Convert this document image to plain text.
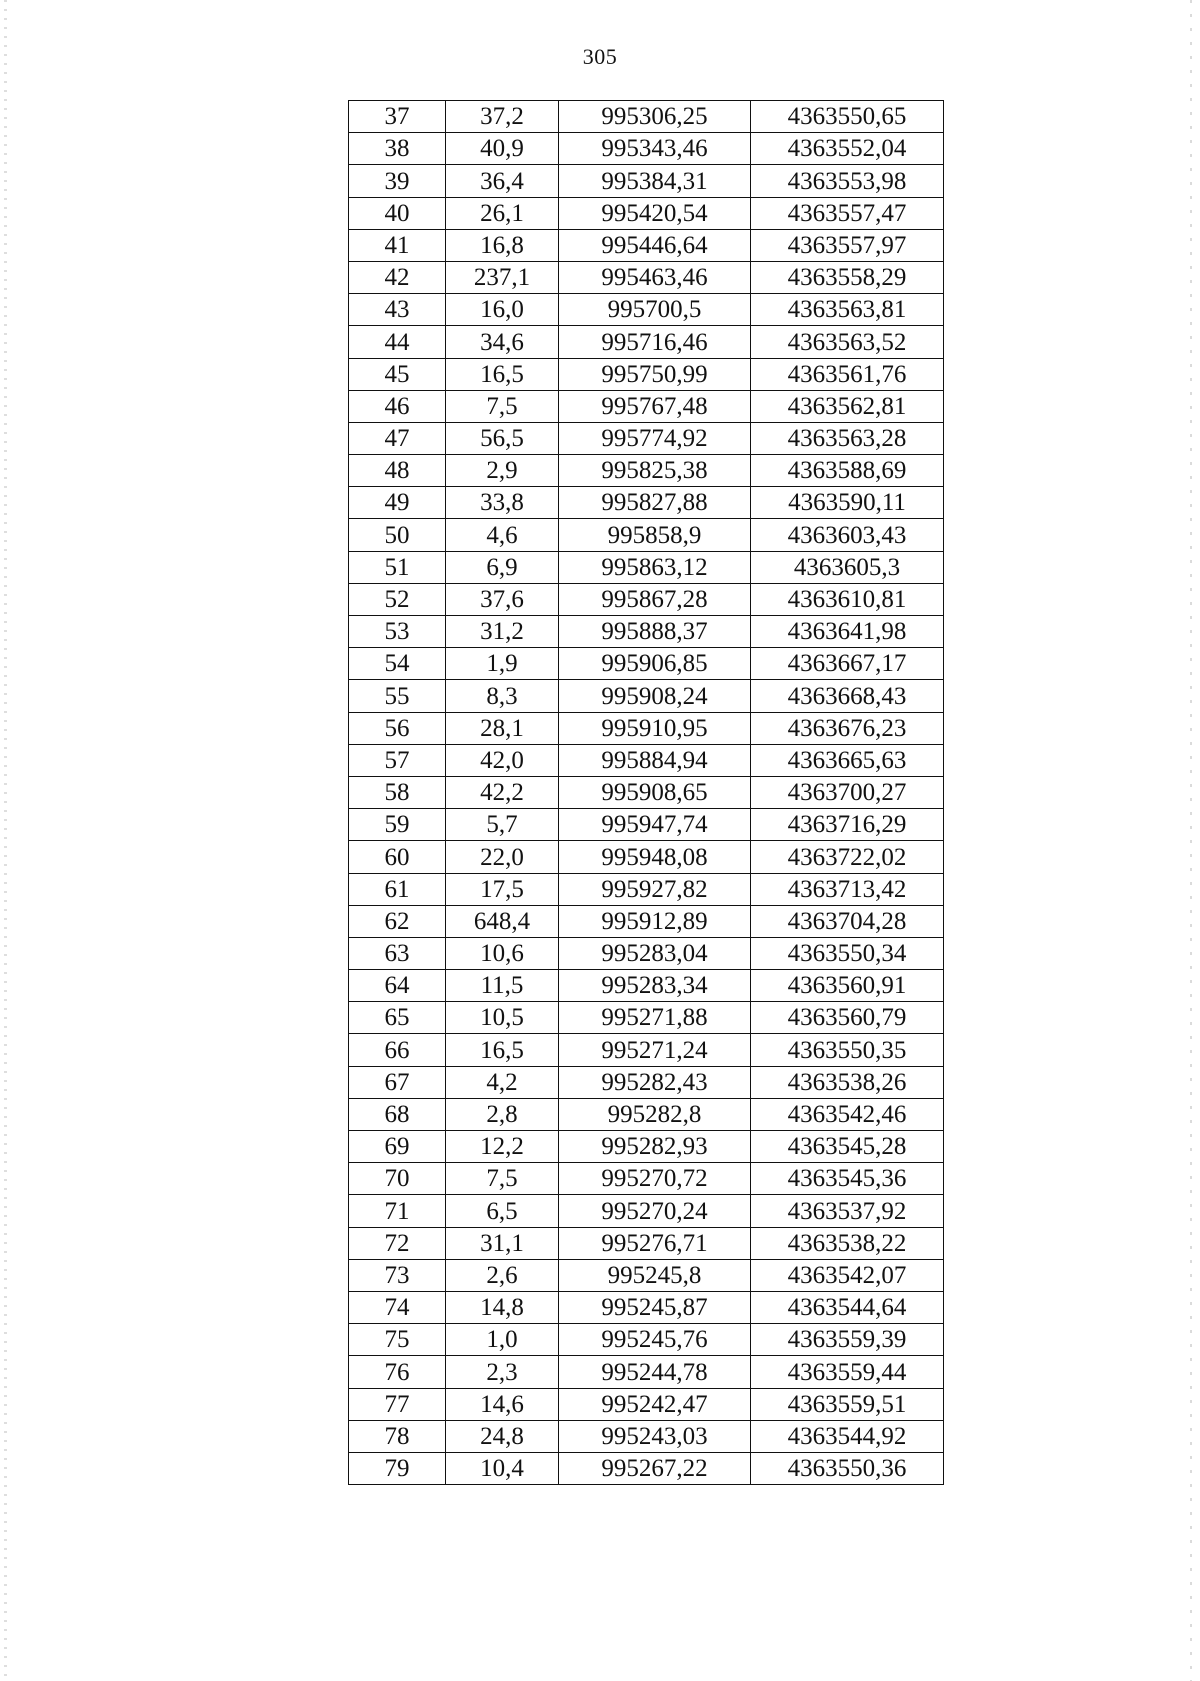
305
37	37,2	995306,25	4363550,65
38	40,9	995343,46	4363552,04
39	36,4	995384,31	4363553,98
40	26,1	995420,54	4363557,47
41	16,8	995446,64	4363557,97
42	237,1	995463,46	4363558,29
43	16,0	995700,5	4363563,81
44	34,6	995716,46	4363563,52
45	16,5	995750,99	4363561,76
46	7,5	995767,48	4363562,81
47	56,5	995774,92	4363563,28
48	2,9	995825,38	4363588,69
49	33,8	995827,88	4363590,11
50	4,6	995858,9	4363603,43
51	6,9	995863,12	4363605,3
52	37,6	995867,28	4363610,81
53	31,2	995888,37	4363641,98
54	1,9	995906,85	4363667,17
55	8,3	995908,24	4363668,43
56	28,1	995910,95	4363676,23
57	42,0	995884,94	4363665,63
58	42,2	995908,65	4363700,27
59	5,7	995947,74	4363716,29
60	22,0	995948,08	4363722,02
61	17,5	995927,82	4363713,42
62	648,4	995912,89	4363704,28
63	10,6	995283,04	4363550,34
64	11,5	995283,34	4363560,91
65	10,5	995271,88	4363560,79
66	16,5	995271,24	4363550,35
67	4,2	995282,43	4363538,26
68	2,8	995282,8	4363542,46
69	12,2	995282,93	4363545,28
70	7,5	995270,72	4363545,36
71	6,5	995270,24	4363537,92
72	31,1	995276,71	4363538,22
73	2,6	995245,8	4363542,07
74	14,8	995245,87	4363544,64
75	1,0	995245,76	4363559,39
76	2,3	995244,78	4363559,44
77	14,6	995242,47	4363559,51
78	24,8	995243,03	4363544,92
79	10,4	995267,22	4363550,36
